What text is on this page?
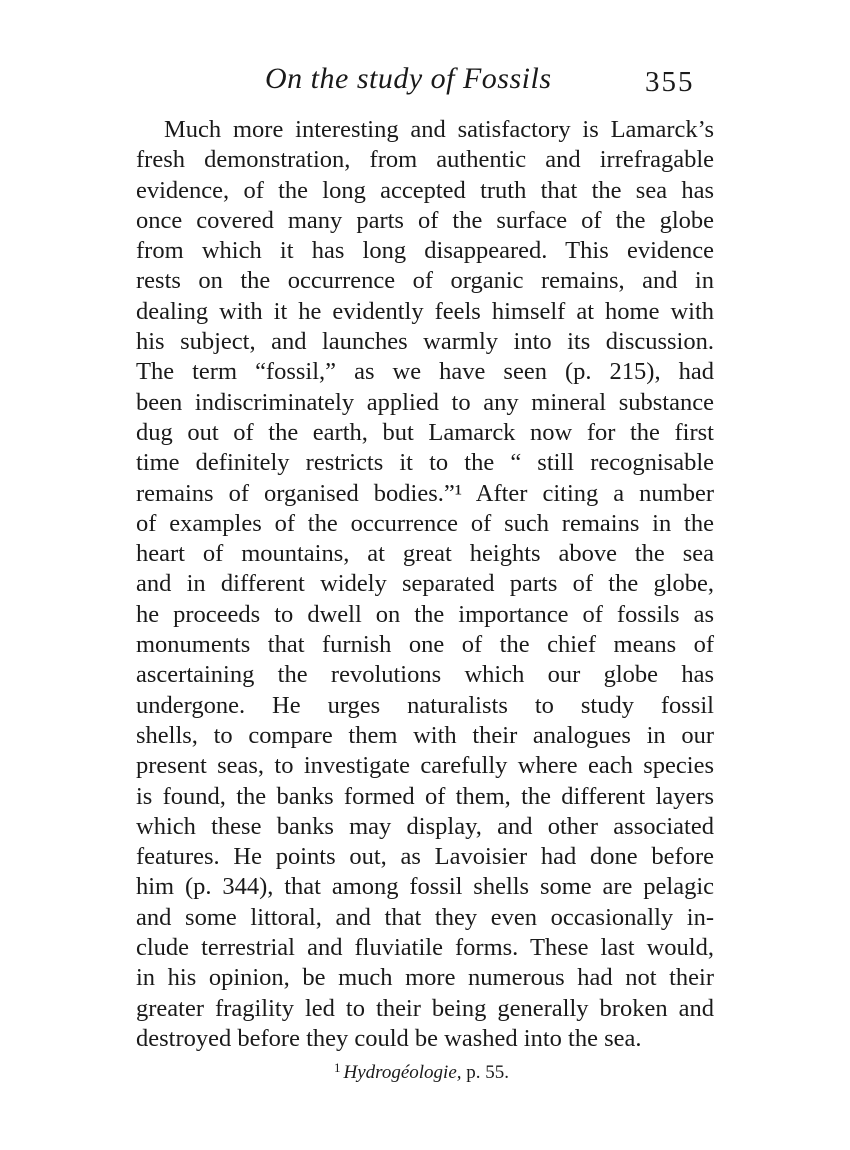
On the study of Fossils	355
Much more interesting and satisfactory is Lamarck’s
fresh demonstration, from authentic and irrefragable
evidence, of the long accepted truth that the sea has
once covered many parts of the surface of the globe
from which it has long disappeared. This evidence
rests on the occurrence of organic remains, and in
dealing with it he evidently feels himself at home with
his subject, and launches warmly into its discussion.
The term “fossil,” as we have seen (p. 215), had
been indiscriminately applied to any mineral substance
dug out of the earth, but Lamarck now for the first
time definitely restricts it to the “ still recognisable
remains of organised bodies.”¹ After citing a number
of examples of the occurrence of such remains in the
heart of mountains, at great heights above the sea
and in different widely separated parts of the globe,
he proceeds to dwell on the importance of fossils as
monuments that furnish one of the chief means of
ascertaining the revolutions which our globe has
undergone. He urges naturalists to study fossil
shells, to compare them with their analogues in our
present seas, to investigate carefully where each species
is found, the banks formed of them, the different layers
which these banks may display, and other associated
features. He points out, as Lavoisier had done before
him (p. 344), that among fossil shells some are pelagic
and some littoral, and that they even occasionally in-
clude terrestrial and fluviatile forms. These last would,
in his opinion, be much more numerous had not their
greater fragility led to their being generally broken and
destroyed before they could be washed into the sea.
$^1$ Hydrogéologie, p. 55.
